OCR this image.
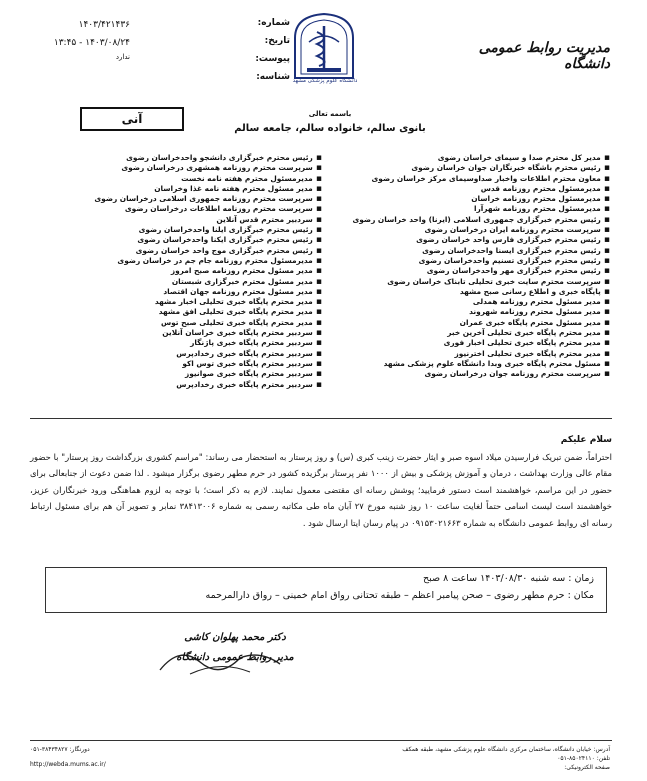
شماره:
تاریخ:
پیوست:
شناسه:
۱۴۰۳/۴۲۱۴۳۶
۱۴۰۳/۰۸/۲۴ - ۱۳:۴۵
ندارد
دانشگاه علوم پزشکی مشهد
مدیریت روابط عمومی دانشگاه
آنی	باسمه تعالی
بانوی سالم، خانواده سالم، جامعه سالم
▪ مدیر کل محترم صدا و سیمای خراسان رضوی
▪ رئیس محترم باشگاه خبرنگاران جوان خراسان رضوی
▪ معاون محترم اطلاعات واخبار صداوسیمای مرکز خراسان رضوی
▪ مدیرمسئول محترم روزنامه قدس
▪ مدیرمسئول محترم روزنامه خراسان
▪ مدیرمسئول محترم روزنامه شهرآرا
▪ رئیس محترم خبرگزاری جمهوری اسلامی (ایرنا) واحد خراسان رضوی
▪ سرپرست محترم روزنامه ایران درخراسان رضوی
▪ رئیس محترم خبرگزاری فارس واحد خراسان رضوی
▪ رئیس محترم خبرگزاری ایسنا واحدخراسان رضوی
▪ رئیس محترم خبرگزاری تسنیم واحدخراسان رضوی
▪ رئیس محترم خبرگزاری مهر واحدخراسان رضوی
▪ سرپرست محترم سایت خبری تحلیلی تابناک خراسان رضوی
▪ پایگاه خبری و اطلاع رسانی صبح مشهد
▪ مدیر مسئول محترم روزنامه همدلی
▪ مدیر مسئول محترم روزنامه شهروند
▪ مدیر مسئول محترم پایگاه خبری عمران
▪ مدیر محترم پایگاه خبری تحلیلی آخرین خبر
▪ مدیر محترم پایگاه خبری تحلیلی اخبار فوری
▪ مدیر محترم پایگاه خبری تحلیلی اخترنیوز
▪ مسئول محترم پایگاه خبری وبدا دانشگاه علوم پزشکی مشهد
▪ سرپرست محترم روزنامه جوان درخراسان رضوی
▪ رئیس محترم خبرگزاری دانشجو واحدخراسان رضوی
▪ سرپرست محترم روزنامه همشهری درخراسان رضوی
▪ مدیرمسئول محترم هفته نامه نخست
▪ مدیر مسئول محترم هفته نامه غذا وخراسان
▪ سرپرست محترم روزنامه جمهوری اسلامی درخراسان رضوی
▪ سرپرست محترم روزنامه اطلاعات درخراسان رضوی
▪ سردبیر محترم قدس آنلاین
▪ رئیس محترم خبرگزاری ایلنا واحدخراسان رضوی
▪ رئیس محترم خبرگزاری ایکنا واحدخراسان رضوی
▪ رئیس محترم خبرگزاری موج واحد خراسان رضوی
▪ مدیرمسئول محترم روزنامه جام جم در خراسان رضوی
▪ مدیر مسئول محترم روزنامه صبح امروز
▪ مدیر مسئول محترم خبرگزاری شبستان
▪ مدیر مسئول محترم روزنامه جهان اقتصاد
▪ مدیر محترم پایگاه خبری تحلیلی اخبار مشهد
▪ مدیر محترم پایگاه خبری تحلیلی افق مشهد
▪ مدیر محترم پایگاه خبری تحلیلی صبح توس
▪ سردبیر محترم پایگاه خبری خراسان آنلاین
▪ سردبیر محترم پایگاه خبری پاژنگار
▪ سردبیر محترم پایگاه خبری رخدادپرس
▪ سردبیر محترم پایگاه خبری توس اکو
▪ سردبیر محترم پایگاه خبری صوانیوز
▪ سردبیر محترم پایگاه خبری رخدادپرس
سلام علیکم
احتراماً، ضمن تبریک فرارسیدن میلاد اسوه صبر و ایثار حضرت زینب کبری (س) و روز پرستار به استحضار می رساند: "مراسم کشوری بزرگداشت روز پرستار" با حضور مقام عالی وزارت بهداشت ، درمان و آموزش پزشکی و بیش از ۱۰۰۰ نفر پرستار برگزیده کشور در حرم مطهر رضوی برگزار میشود . لذا ضمن دعوت از جنابعالی برای حضور در این مراسم، خواهشمند است دستور فرمایید؛ پوشش رسانه ای مقتضی معمول نمایند. لازم به ذکر است؛ با توجه به لزوم هماهنگی ورود خبرنگاران عزیز، خواهشمند است لیست اسامی حتماً لغایت ساعت ۱۰ روز شنبه مورخ ۲۷ آبان ماه طی مکاتبه رسمی به شماره ۳۸۴۱۳۰۰۶ نمابر و تصویر آن هم برای مسئول ارتباط رسانه ای روابط عمومی دانشگاه به شماره ۰۹۱۵۳۰۲۱۶۶۳ در پیام رسان ایتا ارسال شود .
زمان : سه شنبه ۱۴۰۳/۰۸/۳۰ ساعت ۸ صبح
مکان : حرم مطهر رضوی – صحن پیامبر اعظم – طبقه تحتانی رواق امام خمینی – رواق دارالمرحمه
دکتر محمد پهلوان کاشی
مدیر روابط عمومی دانشگاه
آدرس: خیابان دانشگاه، ساختمان مرکزی دانشگاه علوم پزشکی مشهد، طبقه همکف
تلفن: ۸۵۰۲۴۱۱۰-۰۵۱
صفحه الکترونیکی:
دورنگار: ۳۸۴۳۴۸۲۷-۰۵۱
http://webda.mums.ac.ir/
